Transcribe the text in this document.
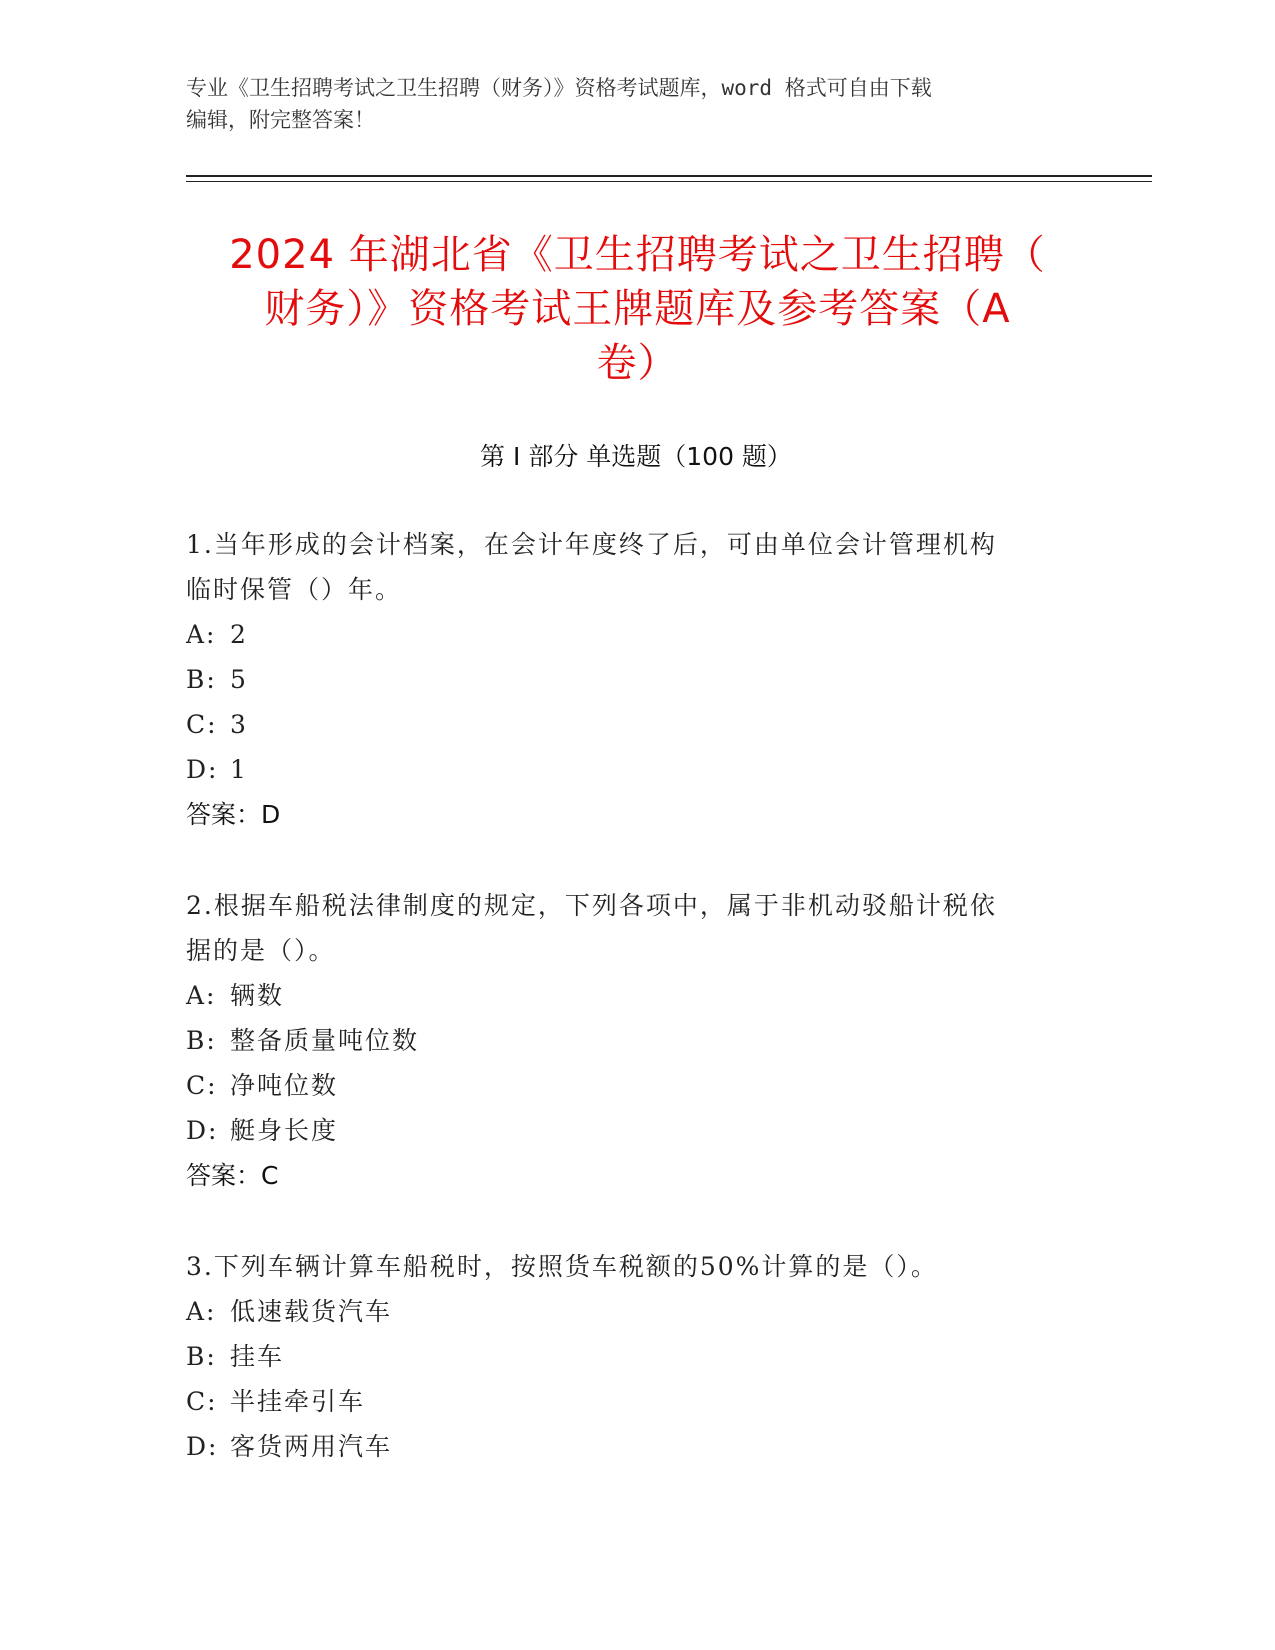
专业《卫生招聘考试之卫生招聘（财务）》资格考试题库，word 格式可自由下载
编辑，附完整答案！
2024 年湖北省《卫生招聘考试之卫生招聘（
财务）》资格考试王牌题库及参考答案（A
卷）
第 I 部分 单选题（100 题）
1.当年形成的会计档案，在会计年度终了后，可由单位会计管理机构
临时保管（）年。
A: 2
B: 5
C: 3
D: 1
答案：D
2.根据车船税法律制度的规定，下列各项中，属于非机动驳船计税依
据的是（）。
A: 辆数
B: 整备质量吨位数
C: 净吨位数
D: 艇身长度
答案：C
3.下列车辆计算车船税时，按照货车税额的50%计算的是（）。
A: 低速载货汽车
B: 挂车
C: 半挂牵引车
D: 客货两用汽车
